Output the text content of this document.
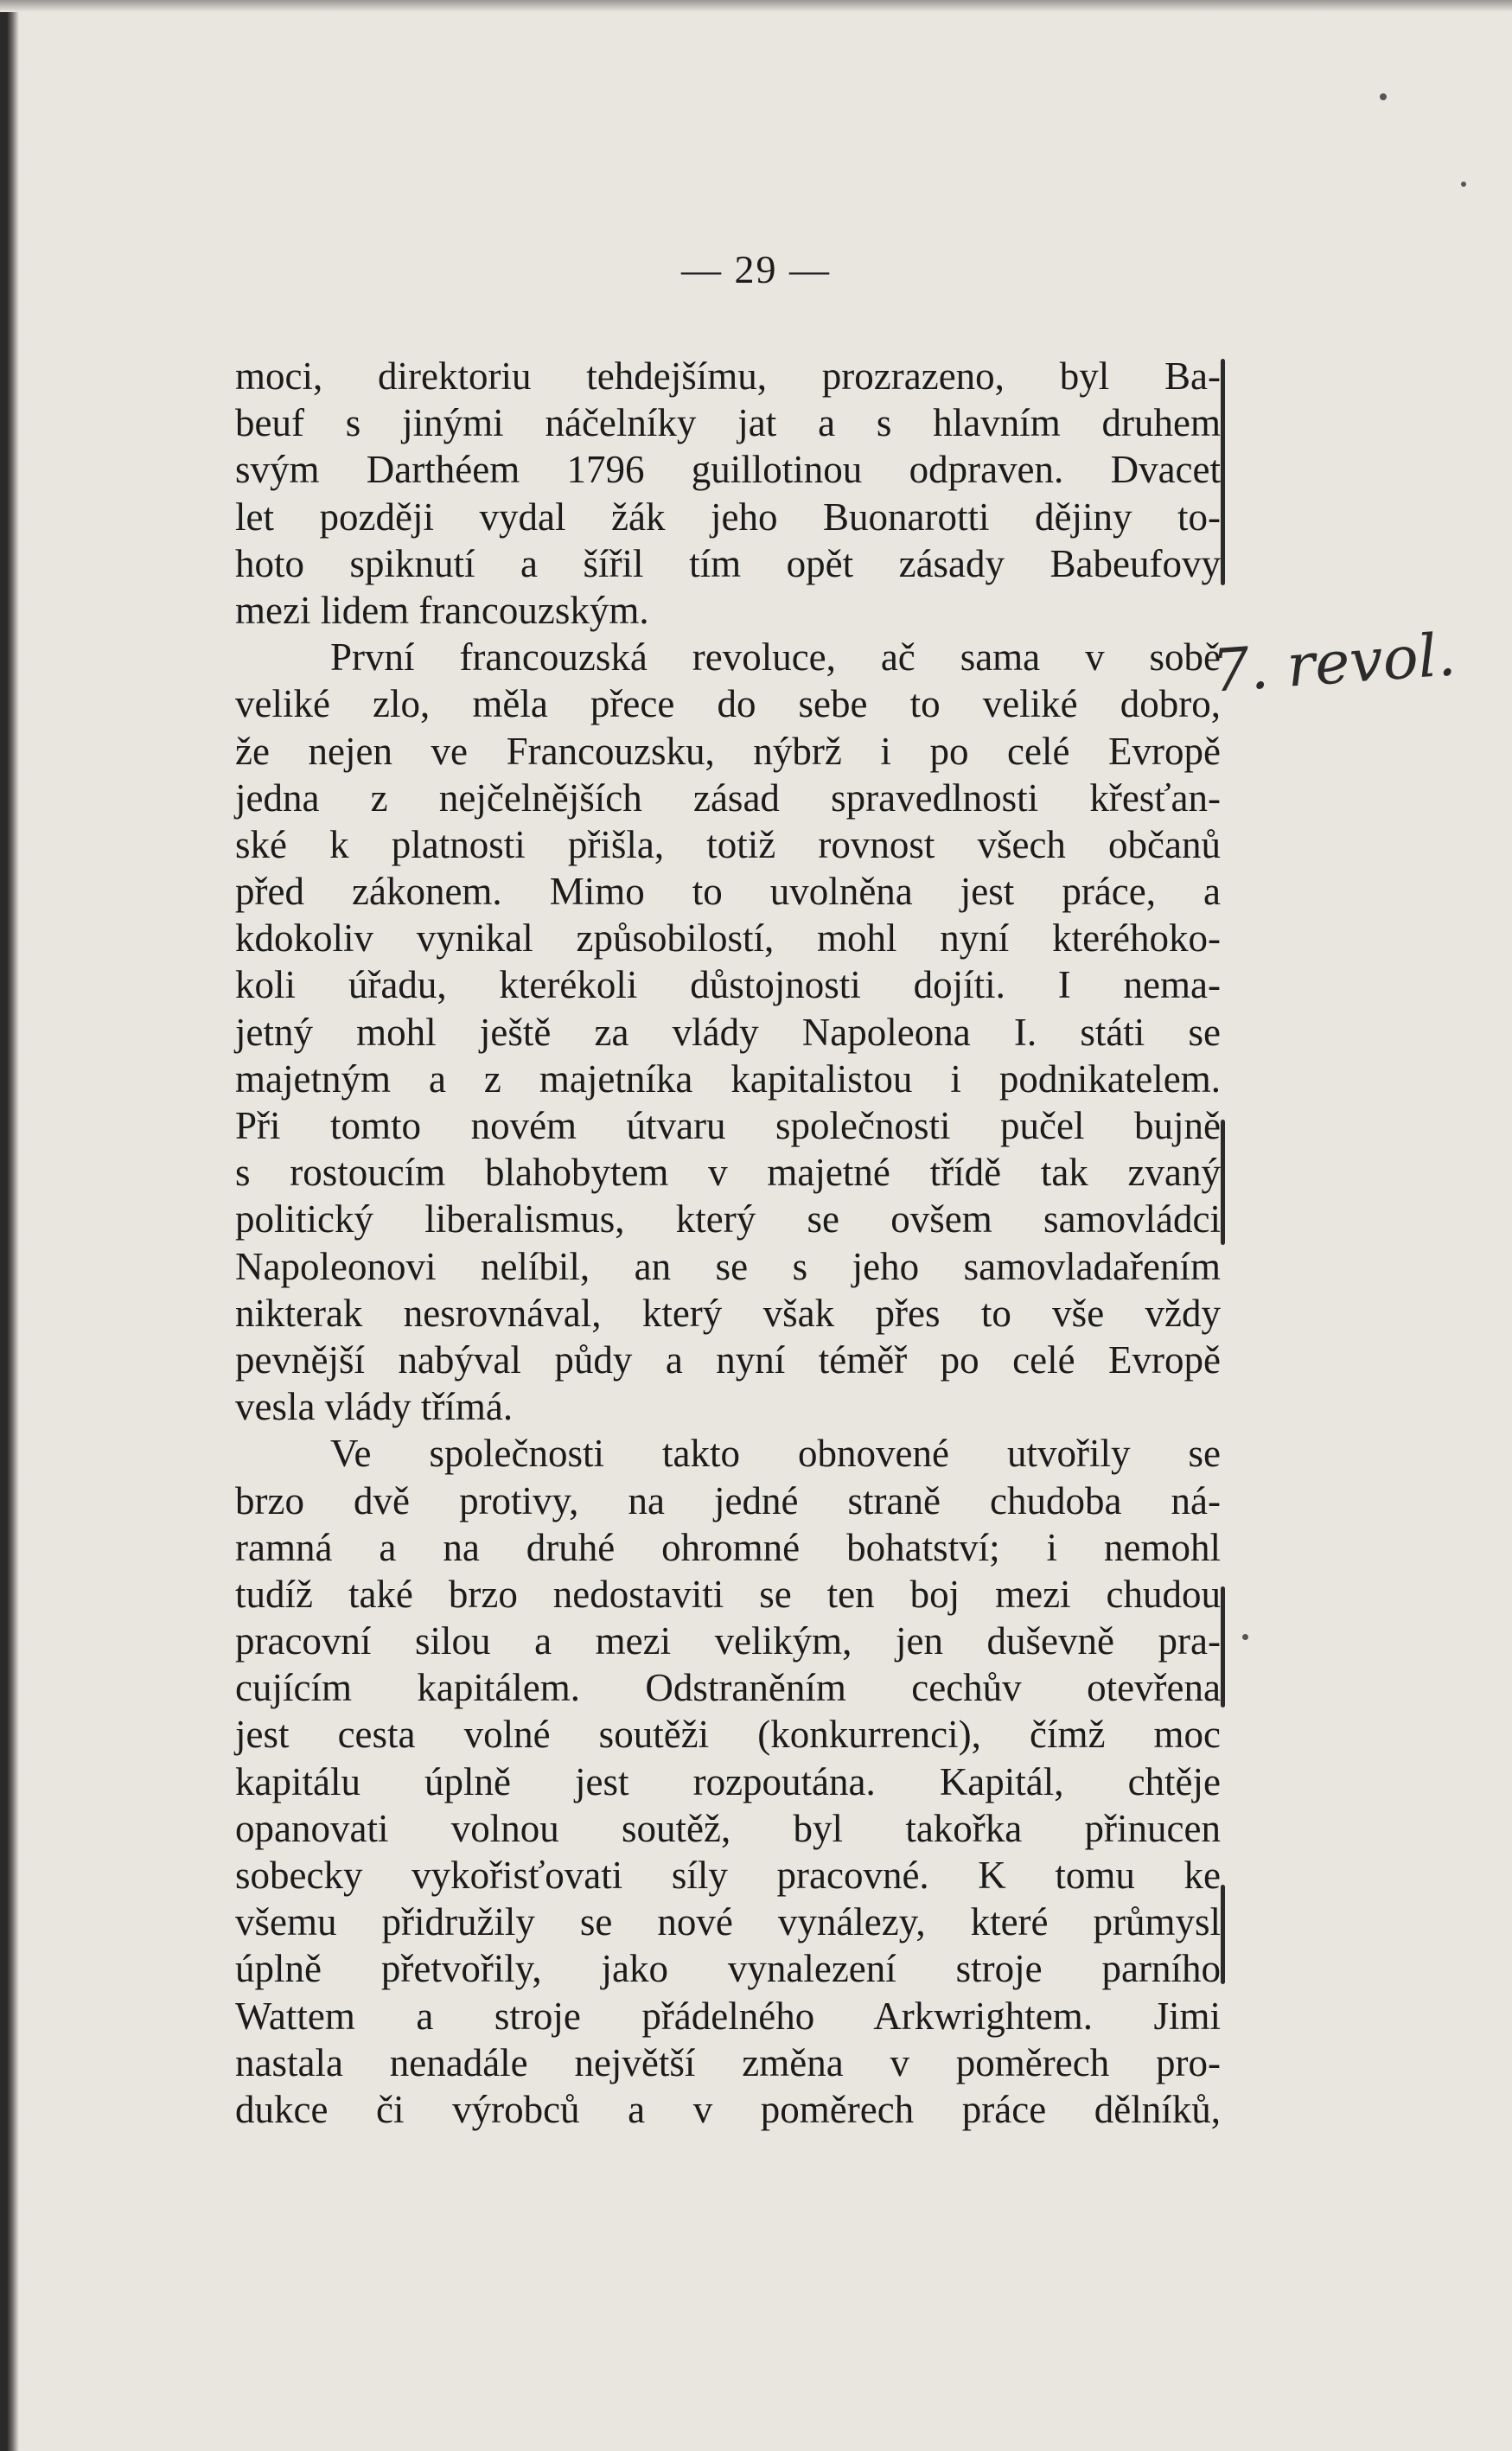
— 29 —
moci, direktoriu tehdejšímu, prozrazeno, byl Ba-
beuf s jinými náčelníky jat a s hlavním druhem
svým Darthéem 1796 guillotinou odpraven. Dvacet
let později vydal žák jeho Buonarotti dějiny to-
hoto spiknutí a šířil tím opět zásady Babeufovy
mezi lidem francouzským.
První francouzská revoluce, ač sama v sobě
veliké zlo, měla přece do sebe to veliké dobro,
že nejen ve Francouzsku, nýbrž i po celé Evropě
jedna z nejčelnějších zásad spravedlnosti křesťan-
ské k platnosti přišla, totiž rovnost všech občanů
před zákonem. Mimo to uvolněna jest práce, a
kdokoliv vynikal způsobilostí, mohl nyní kteréhoko-
koli úřadu, kterékoli důstojnosti dojíti. I nema-
jetný mohl ještě za vlády Napoleona I. státi se
majetným a z majetníka kapitalistou i podnikatelem.
Při tomto novém útvaru společnosti pučel bujně
s rostoucím blahobytem v majetné třídě tak zvaný
politický liberalismus, který se ovšem samovládci
Napoleonovi nelíbil, an se s jeho samovladařením
nikterak nesrovnával, který však přes to vše vždy
pevnější nabýval půdy a nyní téměř po celé Evropě
vesla vlády třímá.
Ve společnosti takto obnovené utvořily se
brzo dvě protivy, na jedné straně chudoba ná-
ramná a na druhé ohromné bohatství; i nemohl
tudíž také brzo nedostaviti se ten boj mezi chudou
pracovní silou a mezi velikým, jen duševně pra-
cujícím kapitálem. Odstraněním cechův otevřena
jest cesta volné soutěži (konkurrenci), čímž moc
kapitálu úplně jest rozpoutána. Kapitál, chtěje
opanovati volnou soutěž, byl takořka přinucen
sobecky vykořisťovati síly pracovné. K tomu ke
všemu přidružily se nové vynálezy, které průmysl
úplně přetvořily, jako vynalezení stroje parního
Wattem a stroje přádelného Arkwrightem. Jimi
nastala nenadále největší změna v poměrech pro-
dukce či výrobců a v poměrech práce dělníků,
7. revol.
